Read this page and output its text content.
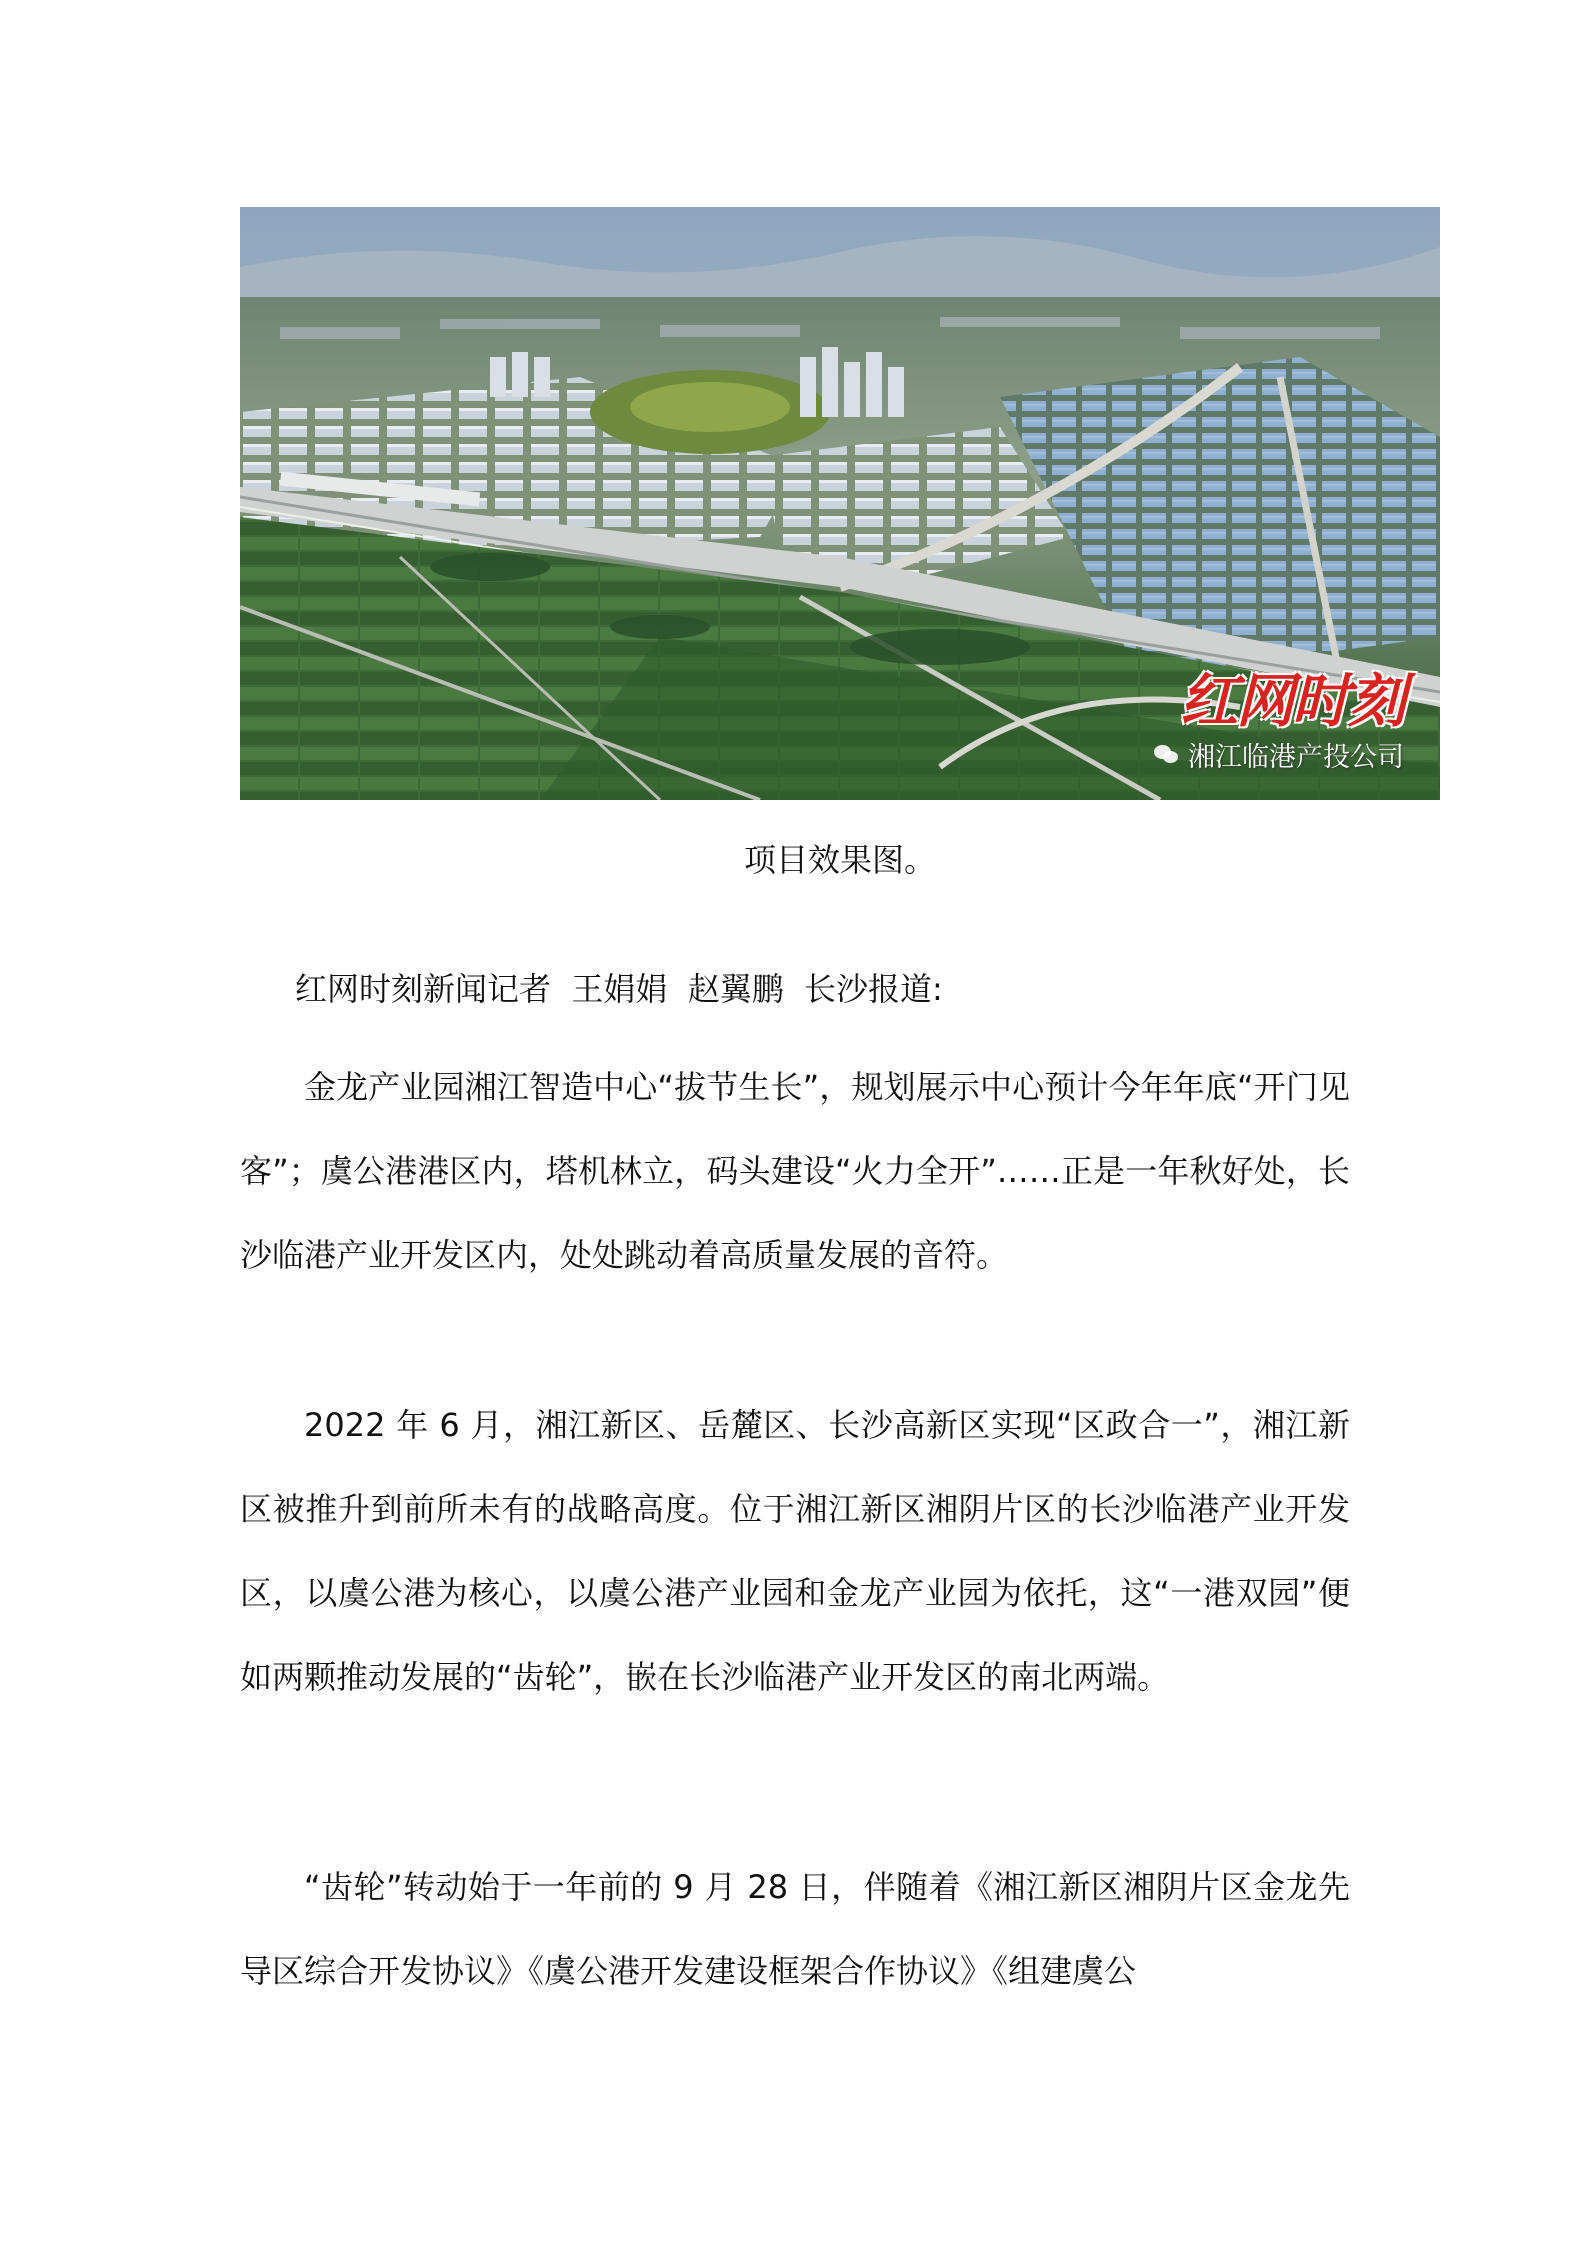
红网时刻
湘江临港产投公司
项目效果图。
红网时刻新闻记者  王娟娟  赵翼鹏  长沙报道:

金龙产业园湘江智造中心“拔节生长”，规划展示中心预计今年年底“开门见客”；虞公港港区内，塔机林立，码头建设“火力全开”……正是一年秋好处，长沙临港产业开发区内，处处跳动着高质量发展的音符。

2022 年 6 月，湘江新区、岳麓区、长沙高新区实现“区政合一”，湘江新区被推升到前所未有的战略高度。位于湘江新区湘阴片区的长沙临港产业开发区，以虞公港为核心，以虞公港产业园和金龙产业园为依托，这“一港双园”便如两颗推动发展的“齿轮”，嵌在长沙临港产业开发区的南北两端。

“齿轮”转动始于一年前的 9 月 28 日，伴随着《湘江新区湘阴片区金龙先导区综合开发协议》《虞公港开发建设框架合作协议》《组建虞公
